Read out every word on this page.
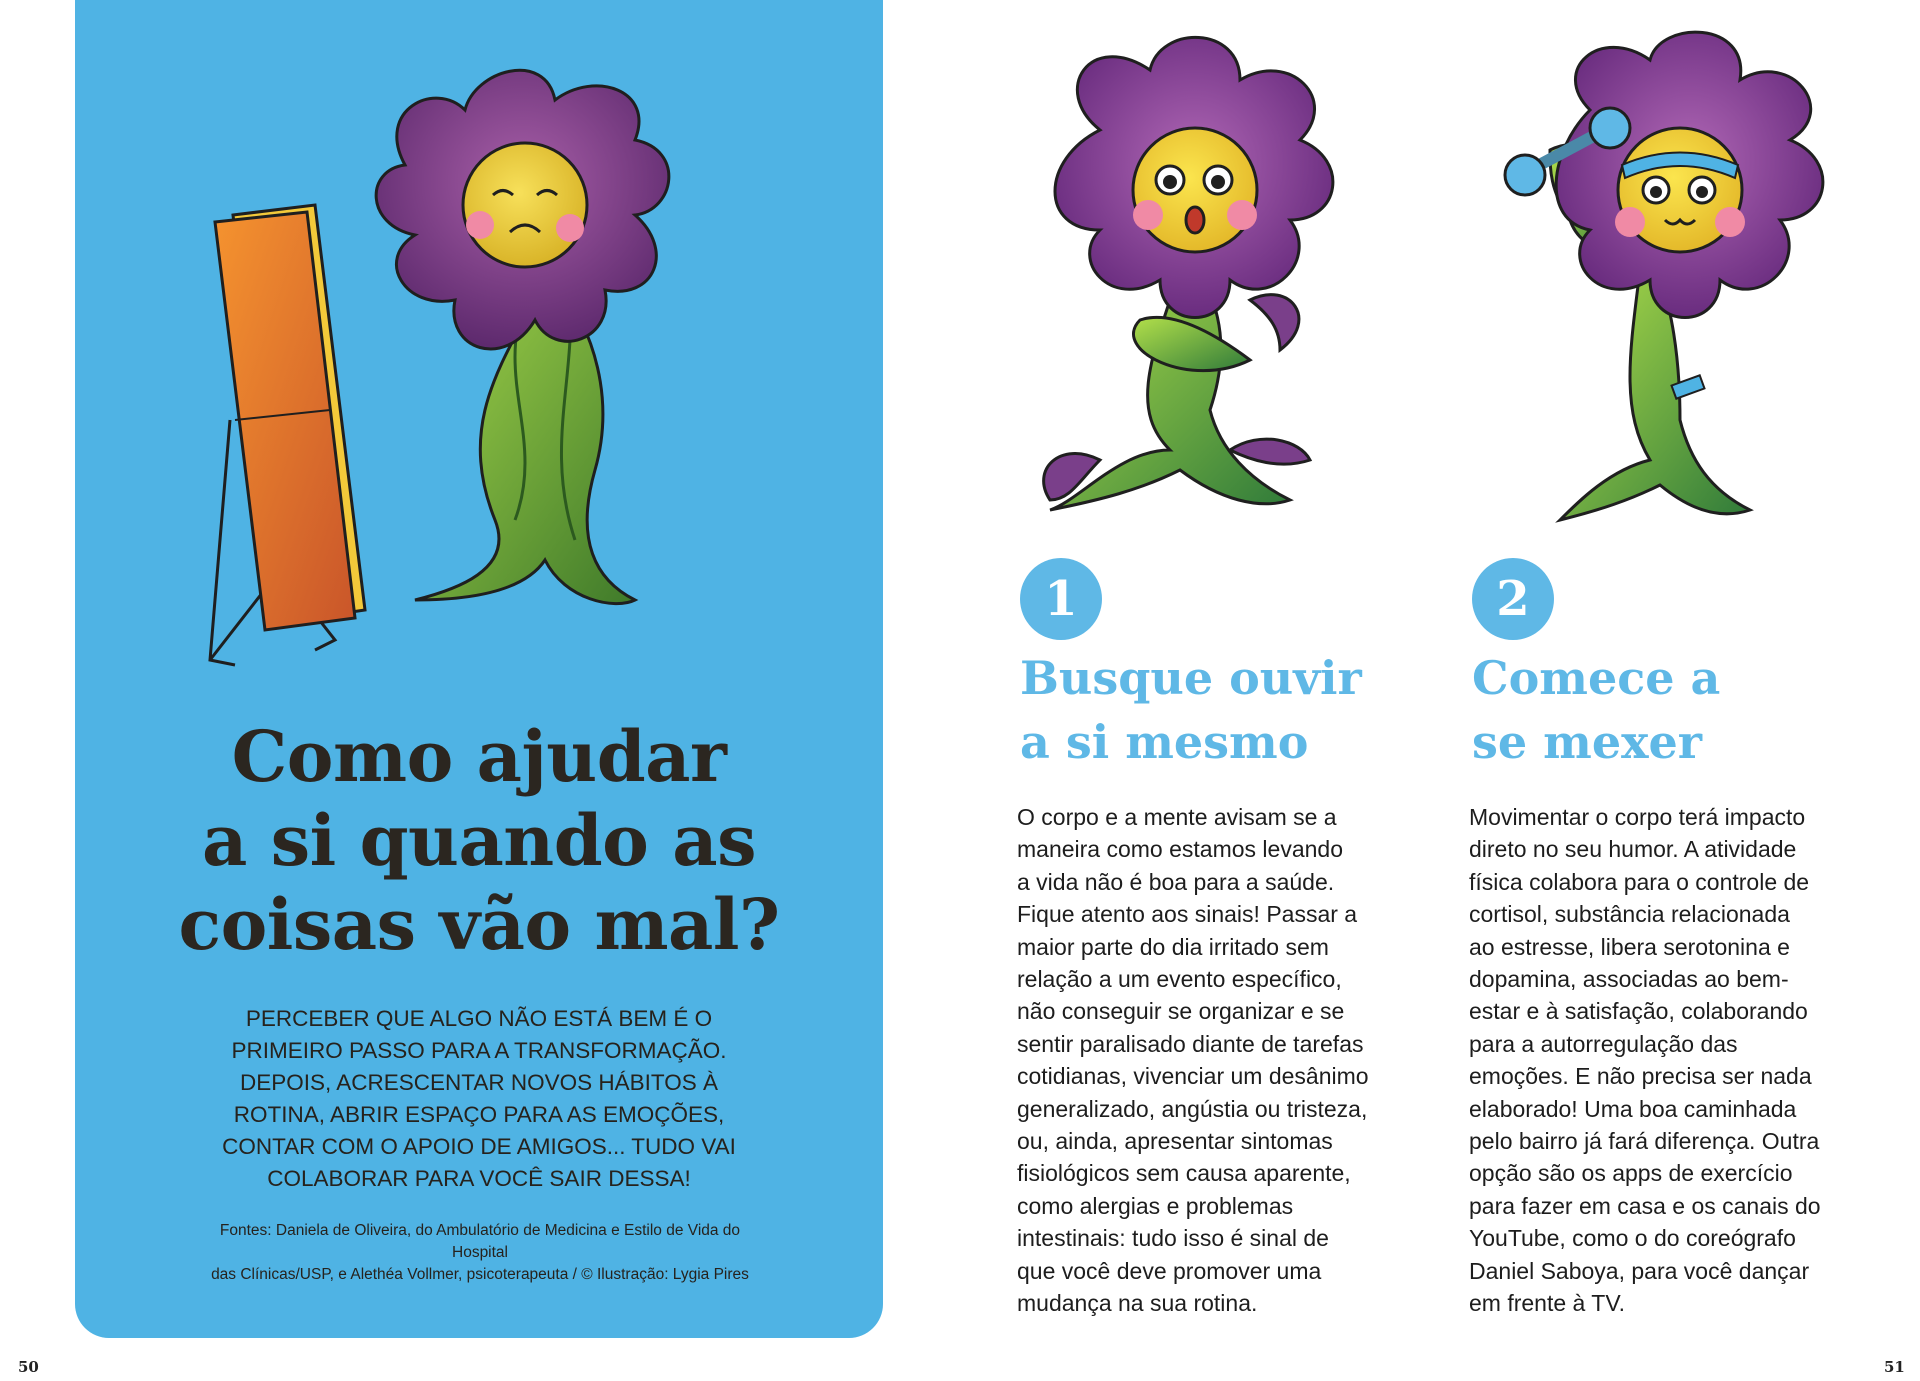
Como ajudar
a si quando as
coisas vão mal?

PERCEBER QUE ALGO NÃO ESTÁ BEM É O
PRIMEIRO PASSO PARA A TRANSFORMAÇÃO.
DEPOIS, ACRESCENTAR NOVOS HÁBITOS À
ROTINA, ABRIR ESPAÇO PARA AS EMOÇÕES,
CONTAR COM O APOIO DE AMIGOS... TUDO VAI
COLABORAR PARA VOCÊ SAIR DESSA!

Fontes: Daniela de Oliveira, do Ambulatório de Medicina e Estilo de Vida do Hospital
das Clínicas/USP, e Alethéa Vollmer, psicoterapeuta / © Ilustração: Lygia Pires

50

1
Busque ouvir
a si mesmo

O corpo e a mente avisam se a
maneira como estamos levando
a vida não é boa para a saúde.
Fique atento aos sinais! Passar a
maior parte do dia irritado sem
relação a um evento específico,
não conseguir se organizar e se
sentir paralisado diante de tarefas
cotidianas, vivenciar um desânimo
generalizado, angústia ou tristeza,
ou, ainda, apresentar sintomas
fisiológicos sem causa aparente,
como alergias e problemas
intestinais: tudo isso é sinal de
que você deve promover uma
mudança na sua rotina.

2
Comece a
se mexer

Movimentar o corpo terá impacto
direto no seu humor. A atividade
física colabora para o controle de
cortisol, substância relacionada
ao estresse, libera serotonina e
dopamina, associadas ao bem-
estar e à satisfação, colaborando
para a autorregulação das
emoções. E não precisa ser nada
elaborado! Uma boa caminhada
pelo bairro já fará diferença. Outra
opção são os apps de exercício
para fazer em casa e os canais do
YouTube, como o do coreógrafo
Daniel Saboya, para você dançar
em frente à TV.

51
